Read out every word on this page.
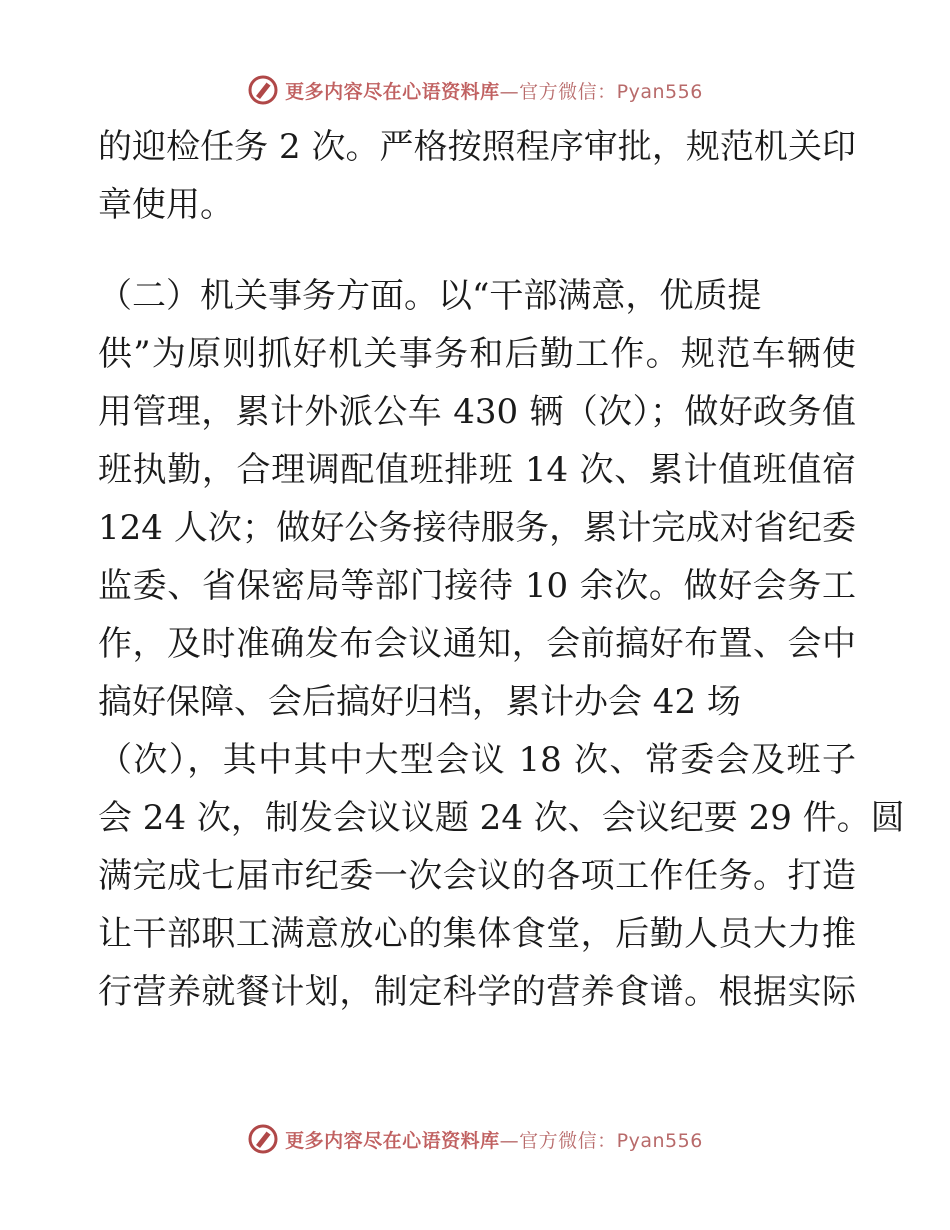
更多内容尽在心语资料库 —官方微信：Pyan556
的迎检任务 2 次。严格按照程序审批，规范机关印
章使用。
（二）机关事务方面。以“干部满意，优质提
供”为原则抓好机关事务和后勤工作。规范车辆使
用管理，累计外派公车 430 辆（次）；做好政务值
班执勤，合理调配值班排班 14 次、累计值班值宿
124 人次；做好公务接待服务，累计完成对省纪委
监委、省保密局等部门接待 10 余次。做好会务工
作，及时准确发布会议通知，会前搞好布置、会中
搞好保障、会后搞好归档，累计办会 42 场
（次），其中其中大型会议 18 次、常委会及班子
会 24 次，制发会议议题 24 次、会议纪要 29 件。圆
满完成七届市纪委一次会议的各项工作任务。打造
让干部职工满意放心的集体食堂，后勤人员大力推
行营养就餐计划，制定科学的营养食谱。根据实际
更多内容尽在心语资料库 —官方微信：Pyan556
